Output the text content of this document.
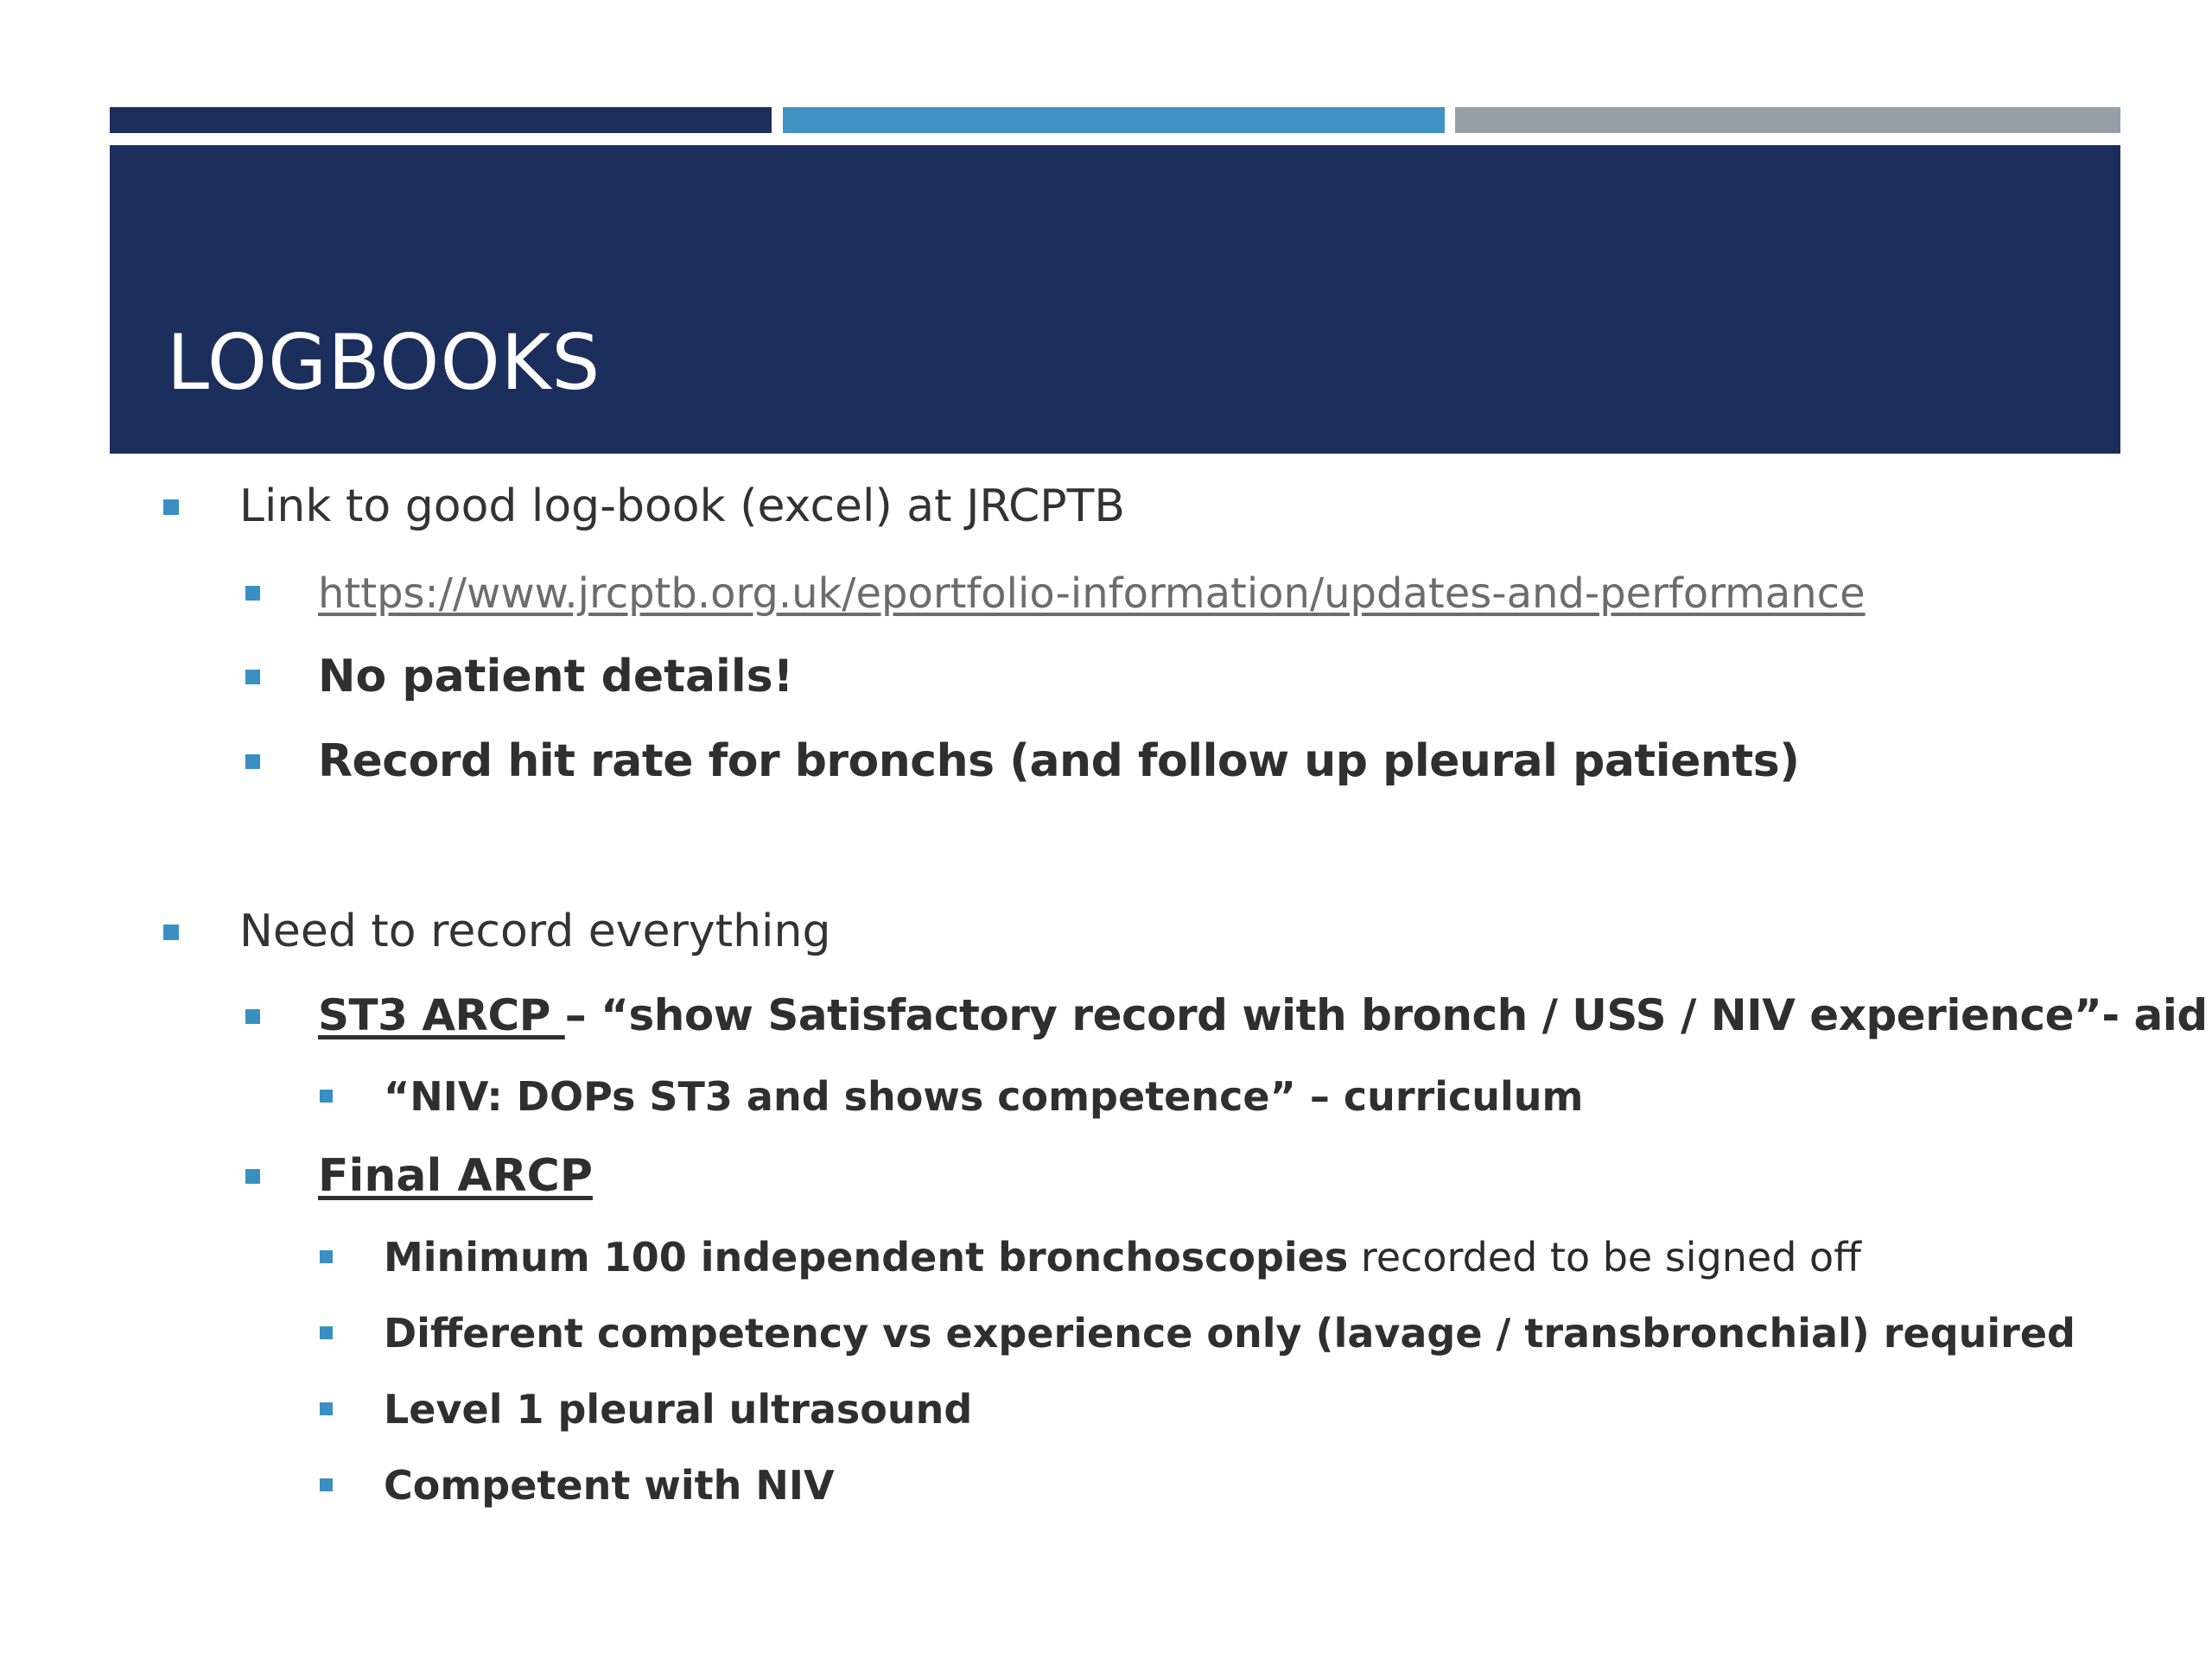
LOGBOOKS
Link to good log-book (excel) at JRCPTB
https://www.jrcptb.org.uk/eportfolio-information/updates-and-performance
No patient details!
Record hit rate for bronchs (and follow up pleural patients)
Need to record everything
ST3 ARCP – “show Satisfactory record with bronch / USS / NIV experience”- aid
“NIV: DOPs ST3 and shows competence” – curriculum
Final ARCP
Minimum 100 independent bronchoscopies recorded to be signed off
Different competency vs experience only (lavage / transbronchial) required
Level 1 pleural ultrasound
Competent with NIV
